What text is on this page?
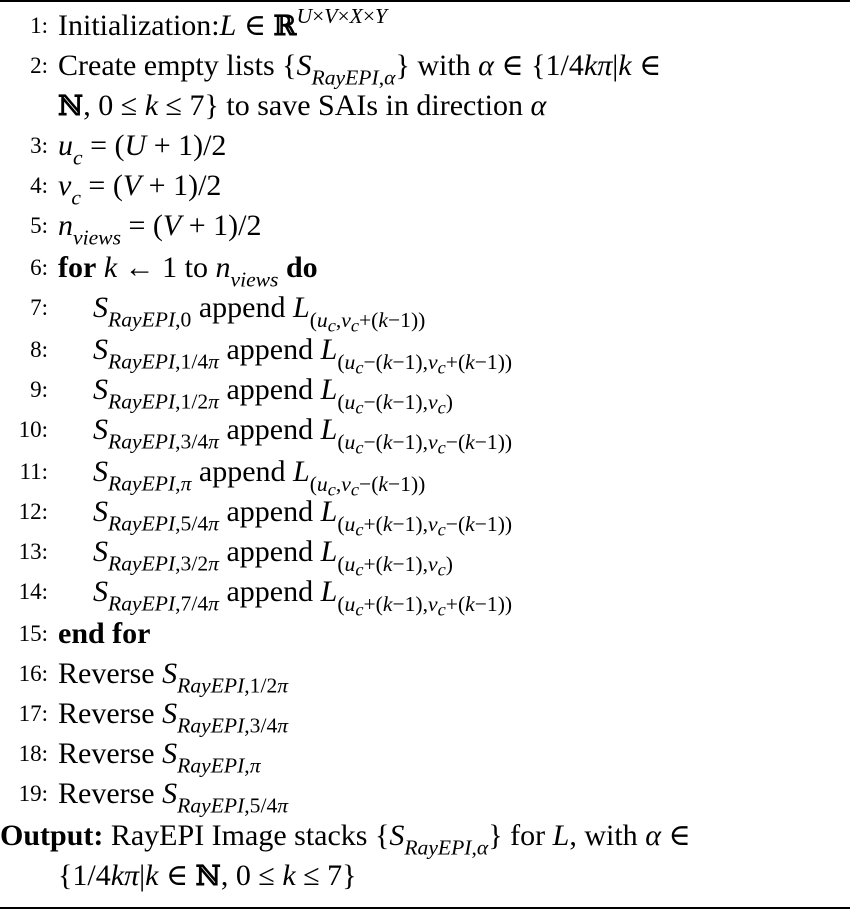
1: Initialization:L ∈ ℝ$^{U\times V\times X\times Y}$
2: Create empty lists $\{S_{RayEPI,\alpha}\}$ with α ∈ {1/4kπ|k ∈
ℕ, 0 ≤ k ≤ 7} to save SAIs in direction α
3: $u_c = (U + 1)/2$
4: $v_c = (V + 1)/2$
5: $n_{views} = (V + 1)/2$
6: for k ← 1 to $n_{views}$ do
7: $S_{RayEPI,0}$ append $L_{(u_c,v_c+(k-1))}$
8: $S_{RayEPI,1/4\pi}$ append $L_{(u_c-(k-1),v_c+(k-1))}$
9: $S_{RayEPI,1/2\pi}$ append $L_{(u_c-(k-1),v_c)}$
10: $S_{RayEPI,3/4\pi}$ append $L_{(u_c-(k-1),v_c-(k-1))}$
11: $S_{RayEPI,\pi}$ append $L_{(u_c,v_c-(k-1))}$
12: $S_{RayEPI,5/4\pi}$ append $L_{(u_c+(k-1),v_c-(k-1))}$
13: $S_{RayEPI,3/2\pi}$ append $L_{(u_c+(k-1),v_c)}$
14: $S_{RayEPI,7/4\pi}$ append $L_{(u_c+(k-1),v_c+(k-1))}$
15: end for
16: Reverse $S_{RayEPI,1/2\pi}$
17: Reverse $S_{RayEPI,3/4\pi}$
18: Reverse $S_{RayEPI,\pi}$
19: Reverse $S_{RayEPI,5/4\pi}$
Output: RayEPI Image stacks $\{S_{RayEPI,\alpha}\}$ for L, with α ∈
{1/4kπ|k ∈ ℕ, 0 ≤ k ≤ 7}
